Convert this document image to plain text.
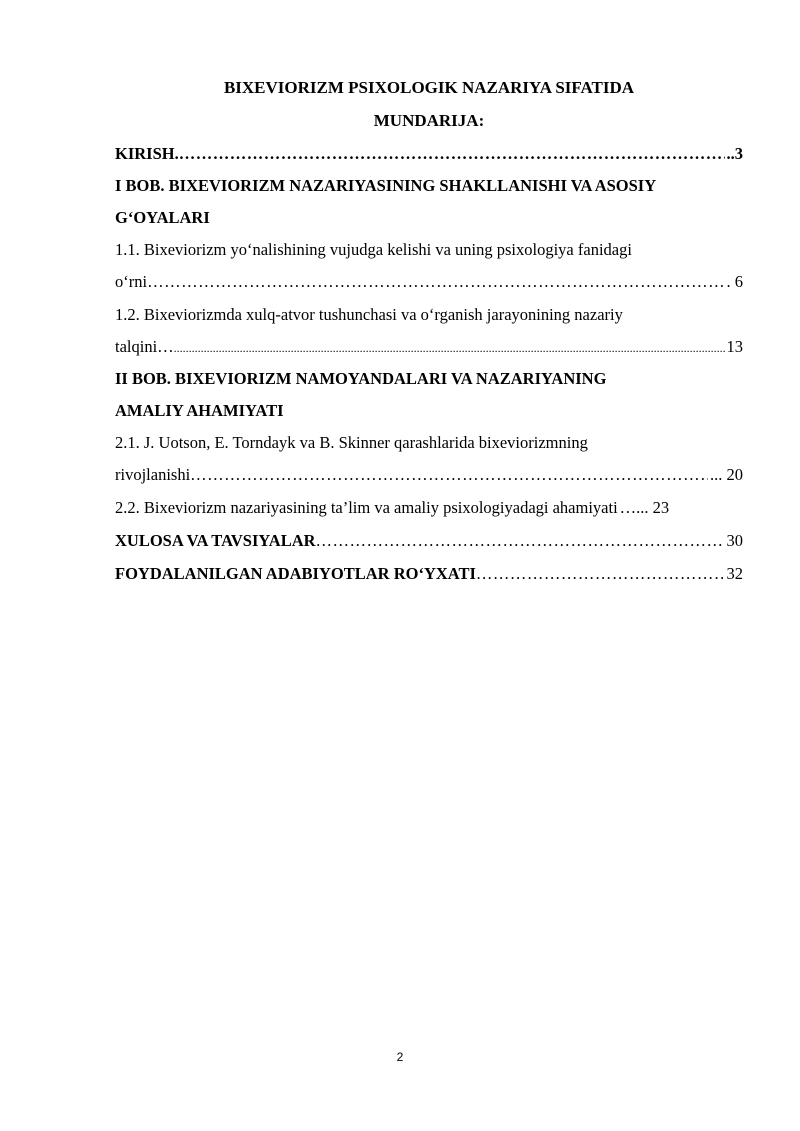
BIXEVIORIZM PSIXOLOGIK NAZARIYA SIFATIDA
MUNDARIJA:
KIRISH. ……………………………………………………………………………………………………………………………………………………………………	..3
I BOB. BIXEVIORIZM NAZARIYASINING SHAKLLANISHI VA ASOSIY
G‘OYALARI
1.1. Bixeviorizm yo‘nalishining vujudga kelishi va uning psixologiya fanidagi
o‘rni ……………………………………………………………………………………………………………………………………………………………………	. 6
1.2. Bixeviorizmda xulq-atvor tushunchasi va o‘rganish jarayonining nazariy
talqini… .....	13
II BOB. BIXEVIORIZM NAMOYANDALARI VA NAZARIYANING
AMALIY AHAMIYATI
2.1. J. Uotson, E. Torndayk va B. Skinner qarashlarida bixeviorizmning
rivojlanishi ……………………………………………………………………………………………………………………………………………………………………	... 20
2.2. Bixeviorizm nazariyasining ta’lim va amaliy psixologiyadagi ahamiyati …... 23
XULOSA VA TAVSIYALAR ……………………………………………………………………………………………………………………………………………………………………	30
FOYDALANILGAN ADABIYOTLAR RO‘YXATI ……………………………………………………………………………………………………………………………………………………………………	32
2
